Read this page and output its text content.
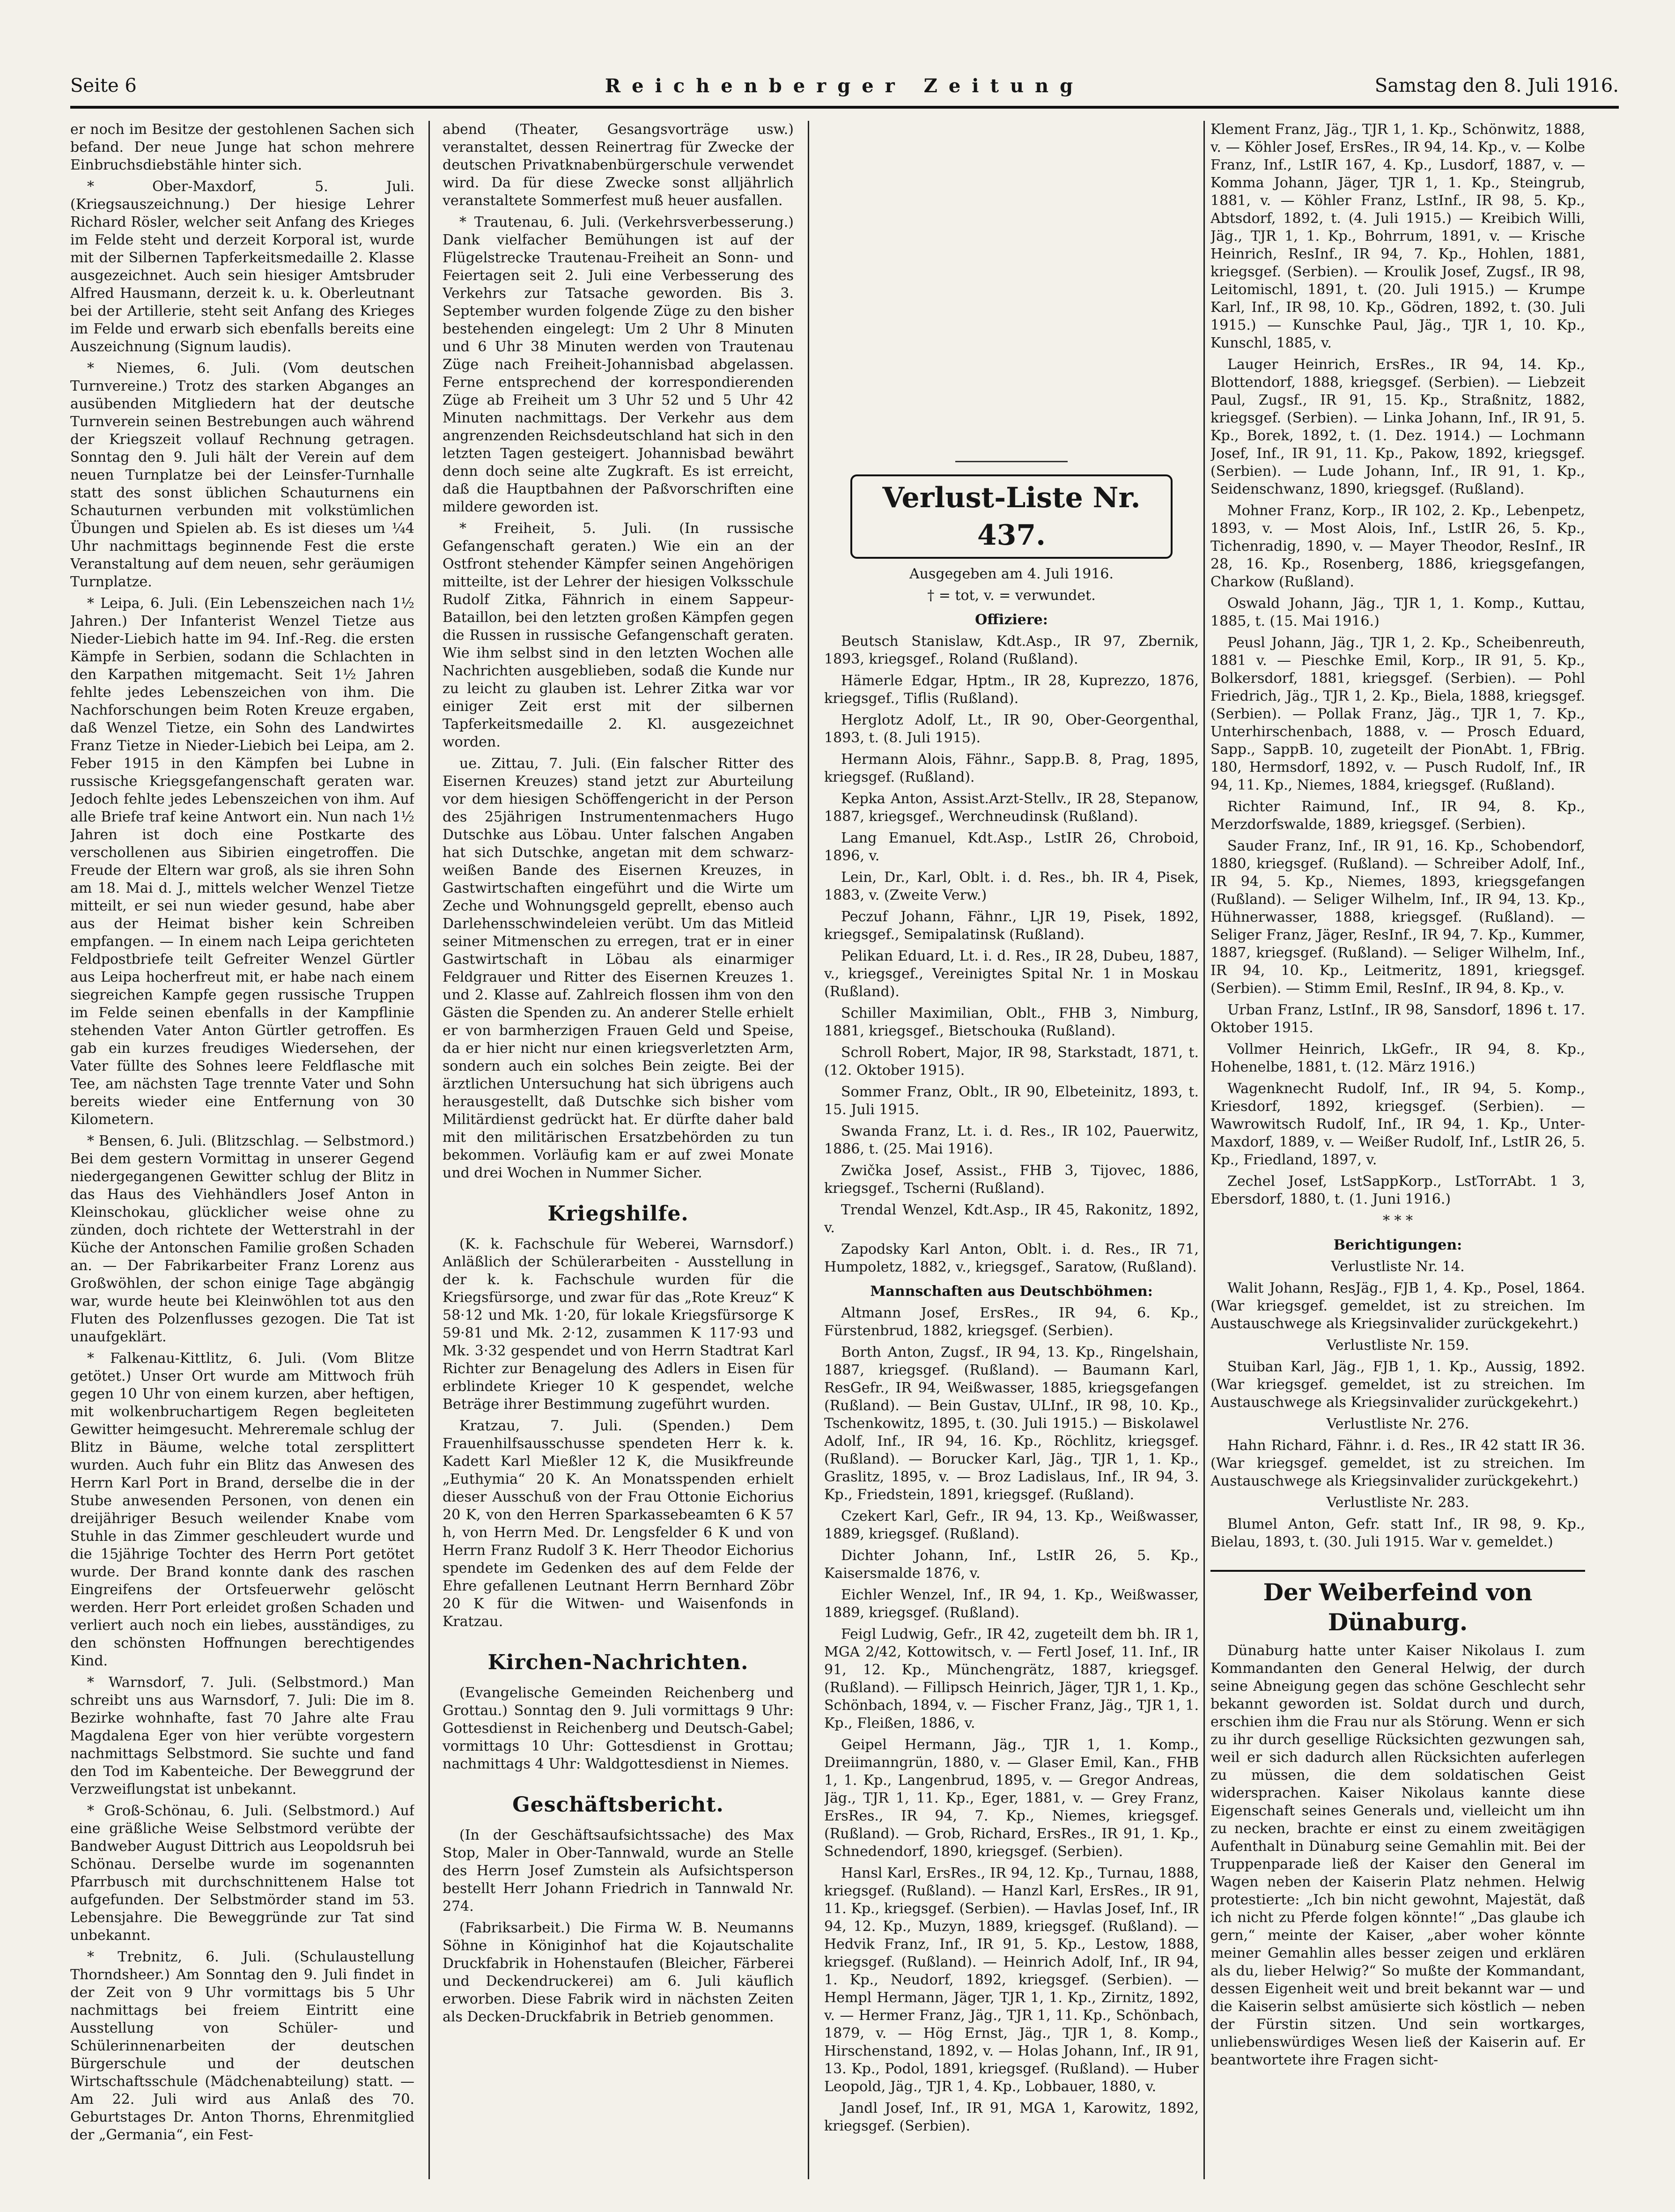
Seite 6	Reichenberger Zeitung	Samstag den 8. Juli 1916.

er noch im Besitze der gestohlenen Sachen sich befand. Der neue Junge hat schon mehrere Einbruchsdiebstähle hinter sich.

* Ober-Maxdorf, 5. Juli. (Kriegsauszeichnung.) Der hiesige Lehrer Richard Rösler, welcher seit Anfang des Krieges im Felde steht und derzeit Korporal ist, wurde mit der Silbernen Tapferkeitsmedaille 2. Klasse ausgezeichnet. Auch sein hiesiger Amtsbruder Alfred Hausmann, derzeit k. u. k. Oberleutnant bei der Artillerie, steht seit Anfang des Krieges im Felde und erwarb sich ebenfalls bereits eine Auszeichnung (Signum laudis).

* Niemes, 6. Juli. (Vom deutschen Turnvereine.) Trotz des starken Abganges an ausübenden Mitgliedern hat der deutsche Turnverein seinen Bestrebungen auch während der Kriegszeit vollauf Rechnung getragen. Sonntag den 9. Juli hält der Verein auf dem neuen Turnplatze bei der Leinsfer-Turnhalle statt des sonst üblichen Schauturnens ein Schauturnen verbunden mit volkstümlichen Übungen und Spielen ab. Es ist dieses um ¼4 Uhr nachmittags beginnende Fest die erste Veranstaltung auf dem neuen, sehr geräumigen Turnplatze.

* Leipa, 6. Juli. (Ein Lebenszeichen nach 1½ Jahren.) Der Infanterist Wenzel Tietze aus Nieder-Liebich hatte im 94. Inf.-Reg. die ersten Kämpfe in Serbien, sodann die Schlachten in den Karpathen mitgemacht. Seit 1½ Jahren fehlte jedes Lebenszeichen von ihm. Die Nachforschungen beim Roten Kreuze ergaben, daß Wenzel Tietze, ein Sohn des Landwirtes Franz Tietze in Nieder-Liebich bei Leipa, am 2. Feber 1915 in den Kämpfen bei Lubne in russische Kriegsgefangenschaft geraten war. Jedoch fehlte jedes Lebenszeichen von ihm. Auf alle Briefe traf keine Antwort ein. Nun nach 1½ Jahren ist doch eine Postkarte des verschollenen aus Sibirien eingetroffen. Die Freude der Eltern war groß, als sie ihren Sohn am 18. Mai d. J., mittels welcher Wenzel Tietze mitteilt, er sei nun wieder gesund, habe aber aus der Heimat bisher kein Schreiben empfangen. — In einem nach Leipa gerichteten Feldpostbriefe teilt Gefreiter Wenzel Gürtler aus Leipa hocherfreut mit, er habe nach einem siegreichen Kampfe gegen russische Truppen im Felde seinen ebenfalls in der Kampflinie stehenden Vater Anton Gürtler getroffen. Es gab ein kurzes freudiges Wiedersehen, der Vater füllte des Sohnes leere Feldflasche mit Tee, am nächsten Tage trennte Vater und Sohn bereits wieder eine Entfernung von 30 Kilometern.

* Bensen, 6. Juli. (Blitzschlag. — Selbstmord.) Bei dem gestern Vormittag in unserer Gegend niedergegangenen Gewitter schlug der Blitz in das Haus des Viehhändlers Josef Anton in Kleinschokau, glücklicher weise ohne zu zünden, doch richtete der Wetterstrahl in der Küche der Antonschen Familie großen Schaden an. — Der Fabrikarbeiter Franz Lorenz aus Großwöhlen, der schon einige Tage abgängig war, wurde heute bei Kleinwöhlen tot aus den Fluten des Polzenflusses gezogen. Die Tat ist unaufgeklärt.

* Falkenau-Kittlitz, 6. Juli. (Vom Blitze getötet.) Unser Ort wurde am Mittwoch früh gegen 10 Uhr von einem kurzen, aber heftigen, mit wolkenbruchartigem Regen begleiteten Gewitter heimgesucht. Mehreremale schlug der Blitz in Bäume, welche total zersplittert wurden. Auch fuhr ein Blitz das Anwesen des Herrn Karl Port in Brand, derselbe die in der Stube anwesenden Personen, von denen ein dreijähriger Besuch weilender Knabe vom Stuhle in das Zimmer geschleudert wurde und die 15jährige Tochter des Herrn Port getötet wurde. Der Brand konnte dank des raschen Eingreifens der Ortsfeuerwehr gelöscht werden. Herr Port erleidet großen Schaden und verliert auch noch ein liebes, ausständiges, zu den schönsten Hoffnungen berechtigendes Kind.

* Warnsdorf, 7. Juli. (Selbstmord.) Man schreibt uns aus Warnsdorf, 7. Juli: Die im 8. Bezirke wohnhafte, fast 70 Jahre alte Frau Magdalena Eger von hier verübte vorgestern nachmittags Selbstmord. Sie suchte und fand den Tod im Kabenteiche. Der Beweggrund der Verzweiflungstat ist unbekannt.

* Groß-Schönau, 6. Juli. (Selbstmord.) Auf eine gräßliche Weise Selbstmord verübte der Bandweber August Dittrich aus Leopoldsruh bei Schönau. Derselbe wurde im sogenannten Pfarrbusch mit durchschnittenem Halse tot aufgefunden. Der Selbstmörder stand im 53. Lebensjahre. Die Beweggründe zur Tat sind unbekannt.

* Trebnitz, 6. Juli. (Schulaustellung Thorndsheer.) Am Sonntag den 9. Juli findet in der Zeit von 9 Uhr vormittags bis 5 Uhr nachmittags bei freiem Eintritt eine Ausstellung von Schüler- und Schülerinnenarbeiten der deutschen Bürgerschule und der deutschen Wirtschaftsschule (Mädchenabteilung) statt. — Am 22. Juli wird aus Anlaß des 70. Geburtstages Dr. Anton Thorns, Ehrenmitglied der „Germania“, ein Fest-

abend (Theater, Gesangsvorträge usw.) veranstaltet, dessen Reinertrag für Zwecke der deutschen Privatknabenbürgerschule verwendet wird. Da für diese Zwecke sonst alljährlich veranstaltete Sommerfest muß heuer ausfallen.

* Trautenau, 6. Juli. (Verkehrsverbesserung.) Dank vielfacher Bemühungen ist auf der Flügelstrecke Trautenau-Freiheit an Sonn- und Feiertagen seit 2. Juli eine Verbesserung des Verkehrs zur Tatsache geworden. Bis 3. September wurden folgende Züge zu den bisher bestehenden eingelegt: Um 2 Uhr 8 Minuten und 6 Uhr 38 Minuten werden von Trautenau Züge nach Freiheit-Johannisbad abgelassen. Ferne entsprechend der korrespondierenden Züge ab Freiheit um 3 Uhr 52 und 5 Uhr 42 Minuten nachmittags. Der Verkehr aus dem angrenzenden Reichsdeutschland hat sich in den letzten Tagen gesteigert. Johannisbad bewährt denn doch seine alte Zugkraft. Es ist erreicht, daß die Hauptbahnen der Paßvorschriften eine mildere geworden ist.

* Freiheit, 5. Juli. (In russische Gefangenschaft geraten.) Wie ein an der Ostfront stehender Kämpfer seinen Angehörigen mitteilte, ist der Lehrer der hiesigen Volksschule Rudolf Zitka, Fähnrich in einem Sappeur-Bataillon, bei den letzten großen Kämpfen gegen die Russen in russische Gefangenschaft geraten. Wie ihm selbst sind in den letzten Wochen alle Nachrichten ausgeblieben, sodaß die Kunde nur zu leicht zu glauben ist. Lehrer Zitka war vor einiger Zeit erst mit der silbernen Tapferkeitsmedaille 2. Kl. ausgezeichnet worden.

ue. Zittau, 7. Juli. (Ein falscher Ritter des Eisernen Kreuzes) stand jetzt zur Aburteilung vor dem hiesigen Schöffengericht in der Person des 25jährigen Instrumentenmachers Hugo Dutschke aus Löbau. Unter falschen Angaben hat sich Dutschke, angetan mit dem schwarz-weißen Bande des Eisernen Kreuzes, in Gastwirtschaften eingeführt und die Wirte um Zeche und Wohnungsgeld geprellt, ebenso auch Darlehensschwindeleien verübt. Um das Mitleid seiner Mitmenschen zu erregen, trat er in einer Gastwirtschaft in Löbau als einarmiger Feldgrauer und Ritter des Eisernen Kreuzes 1. und 2. Klasse auf. Zahlreich flossen ihm von den Gästen die Spenden zu. An anderer Stelle erhielt er von barmherzigen Frauen Geld und Speise, da er hier nicht nur einen kriegsverletzten Arm, sondern auch ein solches Bein zeigte. Bei der ärztlichen Untersuchung hat sich übrigens auch herausgestellt, daß Dutschke sich bisher vom Militärdienst gedrückt hat. Er dürfte daher bald mit den militärischen Ersatzbehörden zu tun bekommen. Vorläufig kam er auf zwei Monate und drei Wochen in Nummer Sicher.

Kriegshilfe.

(K. k. Fachschule für Weberei, Warnsdorf.) Anläßlich der Schülerarbeiten - Ausstellung in der k. k. Fachschule wurden für die Kriegsfürsorge, und zwar für das „Rote Kreuz“ K 58·12 und Mk. 1·20, für lokale Kriegsfürsorge K 59·81 und Mk. 2·12, zusammen K 117·93 und Mk. 3·32 gespendet und von Herrn Stadtrat Karl Richter zur Benagelung des Adlers in Eisen für erblindete Krieger 10 K gespendet, welche Beträge ihrer Bestimmung zugeführt wurden.

Kratzau, 7. Juli. (Spenden.) Dem Frauenhilfsausschusse spendeten Herr k. k. Kadett Karl Mießler 12 K, die Musikfreunde „Euthymia“ 20 K. An Monatsspenden erhielt dieser Ausschuß von der Frau Ottonie Eichorius 20 K, von den Herren Sparkassebeamten 6 K 57 h, von Herrn Med. Dr. Lengsfelder 6 K und von Herrn Franz Rudolf 3 K. Herr Theodor Eichorius spendete im Gedenken des auf dem Felde der Ehre gefallenen Leutnant Herrn Bernhard Zöbr 20 K für die Witwen- und Waisenfonds in Kratzau.

Kirchen-Nachrichten.

(Evangelische Gemeinden Reichenberg und Grottau.) Sonntag den 9. Juli vormittags 9 Uhr: Gottesdienst in Reichenberg und Deutsch-Gabel; vormittags 10 Uhr: Gottesdienst in Grottau; nachmittags 4 Uhr: Waldgottesdienst in Niemes.

Geschäftsbericht.

(In der Geschäftsaufsichtssache) des Max Stop, Maler in Ober-Tannwald, wurde an Stelle des Herrn Josef Zumstein als Aufsichtsperson bestellt Herr Johann Friedrich in Tannwald Nr. 274.

(Fabriksarbeit.) Die Firma W. B. Neumanns Söhne in Königinhof hat die Kojautschalite Druckfabrik in Hohenstaufen (Bleicher, Färberei und Deckendruckerei) am 6. Juli käuflich erworben. Diese Fabrik wird in nächsten Zeiten als Decken-Druckfabrik in Betrieb genommen.

Verlust-Liste Nr. 437.

Ausgegeben am 4. Juli 1916.

† = tot, v. = verwundet.

Offiziere:

Beutsch Stanislaw, Kdt.Asp., IR 97, Zbernik, 1893, kriegsgef., Roland (Rußland).

Hämerle Edgar, Hptm., IR 28, Kuprezzo, 1876, kriegsgef., Tiflis (Rußland).

Herglotz Adolf, Lt., IR 90, Ober-Georgenthal, 1893, t. (8. Juli 1915).

Hermann Alois, Fähnr., Sapp.B. 8, Prag, 1895, kriegsgef. (Rußland).

Kepka Anton, Assist.Arzt-Stellv., IR 28, Stepanow, 1887, kriegsgef., Werchneudinsk (Rußland).

Lang Emanuel, Kdt.Asp., LstIR 26, Chroboid, 1896, v.

Lein, Dr., Karl, Oblt. i. d. Res., bh. IR 4, Pisek, 1883, v. (Zweite Verw.)

Peczuf Johann, Fähnr., LJR 19, Pisek, 1892, kriegsgef., Semipalatinsk (Rußland).

Pelikan Eduard, Lt. i. d. Res., IR 28, Dubeu, 1887, v., kriegsgef., Vereinigtes Spital Nr. 1 in Moskau (Rußland).

Schiller Maximilian, Oblt., FHB 3, Nimburg, 1881, kriegsgef., Bietschouka (Rußland).

Schroll Robert, Major, IR 98, Starkstadt, 1871, t. (12. Oktober 1915).

Sommer Franz, Oblt., IR 90, Elbeteinitz, 1893, t. 15. Juli 1915.

Swanda Franz, Lt. i. d. Res., IR 102, Pauerwitz, 1886, t. (25. Mai 1916).

Zwička Josef, Assist., FHB 3, Tijovec, 1886, kriegsgef., Tscherni (Rußland).

Trendal Wenzel, Kdt.Asp., IR 45, Rakonitz, 1892, v.

Zapodsky Karl Anton, Oblt. i. d. Res., IR 71, Humpoletz, 1882, v., kriegsgef., Saratow, (Rußland).

Mannschaften aus Deutschböhmen:

Altmann Josef, ErsRes., IR 94, 6. Kp., Fürstenbrud, 1882, kriegsgef. (Serbien).

Borth Anton, Zugsf., IR 94, 13. Kp., Ringelshain, 1887, kriegsgef. (Rußland). — Baumann Karl, ResGefr., IR 94, Weißwasser, 1885, kriegsgefangen (Rußland). — Bein Gustav, ULInf., IR 98, 10. Kp., Tschenkowitz, 1895, t. (30. Juli 1915.) — Biskolawel Adolf, Inf., IR 94, 16. Kp., Röchlitz, kriegsgef. (Rußland). — Borucker Karl, Jäg., TJR 1, 1. Kp., Graslitz, 1895, v. — Broz Ladislaus, Inf., IR 94, 3. Kp., Friedstein, 1891, kriegsgef. (Rußland).

Czekert Karl, Gefr., IR 94, 13. Kp., Weißwasser, 1889, kriegsgef. (Rußland).

Dichter Johann, Inf., LstIR 26, 5. Kp., Kaisersmalde 1876, v.

Eichler Wenzel, Inf., IR 94, 1. Kp., Weißwasser, 1889, kriegsgef. (Rußland).

Feigl Ludwig, Gefr., IR 42, zugeteilt dem bh. IR 1, MGA 2/42, Kottowitsch, v. — Fertl Josef, 11. Inf., IR 91, 12. Kp., Münchengrätz, 1887, kriegsgef. (Rußland). — Fillipsch Heinrich, Jäger, TJR 1, 1. Kp., Schönbach, 1894, v. — Fischer Franz, Jäg., TJR 1, 1. Kp., Fleißen, 1886, v.

Geipel Hermann, Jäg., TJR 1, 1. Komp., Dreiimanngrün, 1880, v. — Glaser Emil, Kan., FHB 1, 1. Kp., Langenbrud, 1895, v. — Gregor Andreas, Jäg., TJR 1, 11. Kp., Eger, 1881, v. — Grey Franz, ErsRes., IR 94, 7. Kp., Niemes, kriegsgef. (Rußland). — Grob, Richard, ErsRes., IR 91, 1. Kp., Schnedendorf, 1890, kriegsgef. (Serbien).

Hansl Karl, ErsRes., IR 94, 12. Kp., Turnau, 1888, kriegsgef. (Rußland). — Hanzl Karl, ErsRes., IR 91, 11. Kp., kriegsgef. (Serbien). — Havlas Josef, Inf., IR 94, 12. Kp., Muzyn, 1889, kriegsgef. (Rußland). — Hedvik Franz, Inf., IR 91, 5. Kp., Lestow, 1888, kriegsgef. (Rußland). — Heinrich Adolf, Inf., IR 94, 1. Kp., Neudorf, 1892, kriegsgef. (Serbien). — Hempl Hermann, Jäger, TJR 1, 1. Kp., Zirnitz, 1892, v. — Hermer Franz, Jäg., TJR 1, 11. Kp., Schönbach, 1879, v. — Hög Ernst, Jäg., TJR 1, 8. Komp., Hirschenstand, 1892, v. — Holas Johann, Inf., IR 91, 13. Kp., Podol, 1891, kriegsgef. (Rußland). — Huber Leopold, Jäg., TJR 1, 4. Kp., Lobbauer, 1880, v.

Jandl Josef, Inf., IR 91, MGA 1, Karowitz, 1892, kriegsgef. (Serbien).

Klement Franz, Jäg., TJR 1, 1. Kp., Schönwitz, 1888, v. — Köhler Josef, ErsRes., IR 94, 14. Kp., v. — Kolbe Franz, Inf., LstIR 167, 4. Kp., Lusdorf, 1887, v. — Komma Johann, Jäger, TJR 1, 1. Kp., Steingrub, 1881, v. — Köhler Franz, LstInf., IR 98, 5. Kp., Abtsdorf, 1892, t. (4. Juli 1915.) — Kreibich Willi, Jäg., TJR 1, 1. Kp., Bohrrum, 1891, v. — Krische Heinrich, ResInf., IR 94, 7. Kp., Hohlen, 1881, kriegsgef. (Serbien). — Kroulik Josef, Zugsf., IR 98, Leitomischl, 1891, t. (20. Juli 1915.) — Krumpe Karl, Inf., IR 98, 10. Kp., Gödren, 1892, t. (30. Juli 1915.) — Kunschke Paul, Jäg., TJR 1, 10. Kp., Kunschl, 1885, v.

Lauger Heinrich, ErsRes., IR 94, 14. Kp., Blottendorf, 1888, kriegsgef. (Serbien). — Liebzeit Paul, Zugsf., IR 91, 15. Kp., Straßnitz, 1882, kriegsgef. (Serbien). — Linka Johann, Inf., IR 91, 5. Kp., Borek, 1892, t. (1. Dez. 1914.) — Lochmann Josef, Inf., IR 91, 11. Kp., Pakow, 1892, kriegsgef. (Serbien). — Lude Johann, Inf., IR 91, 1. Kp., Seidenschwanz, 1890, kriegsgef. (Rußland).

Mohner Franz, Korp., IR 102, 2. Kp., Lebenpetz, 1893, v. — Most Alois, Inf., LstIR 26, 5. Kp., Tichenradig, 1890, v. — Mayer Theodor, ResInf., IR 28, 16. Kp., Rosenberg, 1886, kriegsgefangen, Charkow (Rußland).

Oswald Johann, Jäg., TJR 1, 1. Komp., Kuttau, 1885, t. (15. Mai 1916.)

Peusl Johann, Jäg., TJR 1, 2. Kp., Scheibenreuth, 1881 v. — Pieschke Emil, Korp., IR 91, 5. Kp., Bolkersdorf, 1881, kriegsgef. (Serbien). — Pohl Friedrich, Jäg., TJR 1, 2. Kp., Biela, 1888, kriegsgef. (Serbien). — Pollak Franz, Jäg., TJR 1, 7. Kp., Unterhirschenbach, 1888, v. — Prosch Eduard, Sapp., SappB. 10, zugeteilt der PionAbt. 1, FBrig. 180, Hermsdorf, 1892, v. — Pusch Rudolf, Inf., IR 94, 11. Kp., Niemes, 1884, kriegsgef. (Rußland).

Richter Raimund, Inf., IR 94, 8. Kp., Merzdorfswalde, 1889, kriegsgef. (Serbien).

Sauder Franz, Inf., IR 91, 16. Kp., Schobendorf, 1880, kriegsgef. (Rußland). — Schreiber Adolf, Inf., IR 94, 5. Kp., Niemes, 1893, kriegsgefangen (Rußland). — Seliger Wilhelm, Inf., IR 94, 13. Kp., Hühnerwasser, 1888, kriegsgef. (Rußland). — Seliger Franz, Jäger, ResInf., IR 94, 7. Kp., Kummer, 1887, kriegsgef. (Rußland). — Seliger Wilhelm, Inf., IR 94, 10. Kp., Leitmeritz, 1891, kriegsgef. (Serbien). — Stimm Emil, ResInf., IR 94, 8. Kp., v.

Urban Franz, LstInf., IR 98, Sansdorf, 1896 t. 17. Oktober 1915.

Vollmer Heinrich, LkGefr., IR 94, 8. Kp., Hohenelbe, 1881, t. (12. März 1916.)

Wagenknecht Rudolf, Inf., IR 94, 5. Komp., Kriesdorf, 1892, kriegsgef. (Serbien). — Wawrowitsch Rudolf, Inf., IR 94, 1. Kp., Unter-Maxdorf, 1889, v. — Weißer Rudolf, Inf., LstIR 26, 5. Kp., Friedland, 1897, v.

Zechel Josef, LstSappKorp., LstTorrAbt. 1 3, Ebersdorf, 1880, t. (1. Juni 1916.)

* * *

Berichtigungen:

Verlustliste Nr. 14.

Walit Johann, ResJäg., FJB 1, 4. Kp., Posel, 1864. (War kriegsgef. gemeldet, ist zu streichen. Im Austauschwege als Kriegsinvalider zurückgekehrt.)

Verlustliste Nr. 159.

Stuiban Karl, Jäg., FJB 1, 1. Kp., Aussig, 1892. (War kriegsgef. gemeldet, ist zu streichen. Im Austauschwege als Kriegsinvalider zurückgekehrt.)

Verlustliste Nr. 276.

Hahn Richard, Fähnr. i. d. Res., IR 42 statt IR 36. (War kriegsgef. gemeldet, ist zu streichen. Im Austauschwege als Kriegsinvalider zurückgekehrt.)

Verlustliste Nr. 283.

Blumel Anton, Gefr. statt Inf., IR 98, 9. Kp., Bielau, 1893, t. (30. Juli 1915. War v. gemeldet.)

Der Weiberfeind von Dünaburg.

Dünaburg hatte unter Kaiser Nikolaus I. zum Kommandanten den General Helwig, der durch seine Abneigung gegen das schöne Geschlecht sehr bekannt geworden ist. Soldat durch und durch, erschien ihm die Frau nur als Störung. Wenn er sich zu ihr durch gesellige Rücksichten gezwungen sah, weil er sich dadurch allen Rücksichten auferlegen zu müssen, die dem soldatischen Geist widersprachen. Kaiser Nikolaus kannte diese Eigenschaft seines Generals und, vielleicht um ihn zu necken, brachte er einst zu einem zweitägigen Aufenthalt in Dünaburg seine Gemahlin mit. Bei der Truppenparade ließ der Kaiser den General im Wagen neben der Kaiserin Platz nehmen. Helwig protestierte: „Ich bin nicht gewohnt, Majestät, daß ich nicht zu Pferde folgen könnte!“ „Das glaube ich gern,“ meinte der Kaiser, „aber woher könnte meiner Gemahlin alles besser zeigen und erklären als du, lieber Helwig?“ So mußte der Kommandant, dessen Eigenheit weit und breit bekannt war — und die Kaiserin selbst amüsierte sich köstlich — neben der Fürstin sitzen. Und sein wortkarges, unliebenswürdiges Wesen ließ der Kaiserin auf. Er beantwortete ihre Fragen sicht-
